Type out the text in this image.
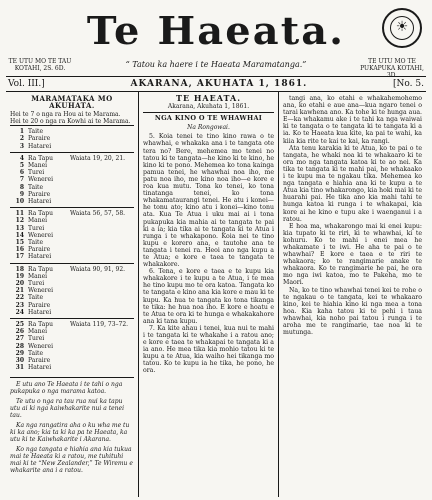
Te Haeata.
☀
TE UTU MO TE TAU KOTAHI, 2S. 6D.	“ Tatou ka haere i te Haeata Maramatanga.”	TE UTU MO TE PUKAPUKA KOTAHI, 3D.
Vol. III.]	AKARANA, AKUHATA 1, 1861.	[No. 5.
MARAMATAKA MO AKUHATA.
Hei te 7 o nga ra Hou ai te Marama.
Hei te 20 o nga ra Kowhi ai te Marama.
1 Taite
2 Paraire
3 Hatarei
4 Ra Tapu
5 Manei
6 Turei
7 Wenerei
8 Taite
9 Paraire
10 Hatarei
Waiata 19, 20, 21.
11 Ra Tapu
12 Manei
13 Turei
14 Wenerei
15 Taite
16 Paraire
17 Hatarei
Waiata 56, 57, 58.
18 Ra Tapu
19 Manei
20 Turei
21 Wenerei
22 Taite
23 Paraire
24 Hatarei
Waiata 90, 91, 92.
25 Ra Tapu
26 Manei
27 Turei
28 Wenerei
29 Taite
30 Paraire
31 Hatarei
Waiata 119, 73–72.

E utu ano Te Haeata i te tahi o nga pukapuka o nga marama katoa.

Te utu o nga ra tau rua nui ka tapu utu ai ki nga kaiwhakarite nui a tenei tau.

Ka nga rangatira aha o ku wha me tu ki ka ano; kia ta ki ka pa te Haeata, ka utu ki te Kaiwhakarite i Akarana.

Ko nga tangata e hiahia ana kia tukua mai te Haeata ki a ratou, me tuhituhi mai ki te “New Zealander,” Te Wiremu e whakarite ana i a ratou.

TE HAEATA.
Akarana, Akuhata 1, 1861.
NGA KINO O TE WHAWHAI
Na Rongowai.

5. Koia tenei te tino kino rawa o te whawhai, e whakaka ana i te tangata ote tera no? Bere, mehemea mo tenei no tatou ki te tangata—he kino ki te kino, he kino ki te pono. Mehemea ko tona kainga pamua tenei, he whawhai noa iho, me patu noa iho, me kino noa iho—e kore e roa kua mutu. Tona ko tenei, ko tona tinatanga tenei, ko tona whakamataurangi tenei. He atu i konei—he tonu ato; kino atu i konei—kino tonu ata. Kua Te Atua i uku mai ai i tona pukapuka kia mahia ai te tangata te pai ki a ia; kia tika ai te tangata ki te Atua i runga i te whakapono. Koia nei te tino kupu e korero ana, e tautohe ana te tangata i tenei ra. Heoi ano nga kupu a te Atua; e kore e taea te tangata te whakakore.

6. Tena, e kore e taea e te kupu kia whakakore i te kupu a te Atua, i te mea he tino kupu mo te ora katoa. Tangata ko te tangata e kino ana kia kore e mau ki te kupu. Ka hua te tangata ko tona tikanga te tika: he hua noa iho. E kore e hoatu e te Atua te ora ki te hunga e whakakahore ana ki tana kupu.

7. Ka kite ahau i tenei, kua nui te mahi i te tangata ki te whakahe i a ratou ano; e kore e taea te whakapai te tangata ki a ia ano. He mea tika kia mohio tatou ki te kupu a te Atua, kia waiho hei tikanga mo tatou. Ko te kupu ia he tika, he pono, he ora.

tangi ana, ko etahi e whakahemohemo ana, ko etahi e aue ana—kua ngaro tenei o tarai kawhena ano. Ka tohe ki te hunga aua. E—ka whakamu ake i te tahi ka nga waiwai ki te tangata o te tangata ki te tangata ki a ia. Ko te Haeata kua kite, ka pai te wahi, ka kiia kia rite te kai te kai, ka rangi.

Ata tenu karakia ki te Atua, ko te pai o te tangata, he whaki noa ki te whakaaro ki te ora mo nga tangata katoa ki te ao nei. Ka tika te tangata ki te mahi pai, he whakaako i te kupu ma te ngakau tika. Mehemea ko nga tangata e hiahia ana ki te kupu a te Atua kia tino whakarongo, kia hoki mai ki te huarahi pai. He tika ano kia mahi tahi te hunga katoa ki runga i te whakapai, kia kore ai he kino e tupu ake i waenganui i a ratou.

E hoa ma, whakarongo mai ki enei kupu: kia tupato ki te riri, ki te whawhai, ki te kohuru. Ko te mahi i enei mea he whakamate i te iwi. He aha te pai o te whawhai? E kore e taea e te riri te whakaora; ko te rangimarie anake te whakaora. Ko te rangimarie he pai, he ora mo nga iwi katoa, mo te Pakeha, mo te Maori.

Na, ko te tino whawhai tenei kei te rohe o te ngakau o te tangata, kei te whakaaro kino, kei te hiahia kino ki nga mea a tona hoa. Kia kaha tatou ki te pehi i taua whawhai, kia noho pai tatou i runga i te aroha me te rangimarie, tae noa ki te mutunga.
